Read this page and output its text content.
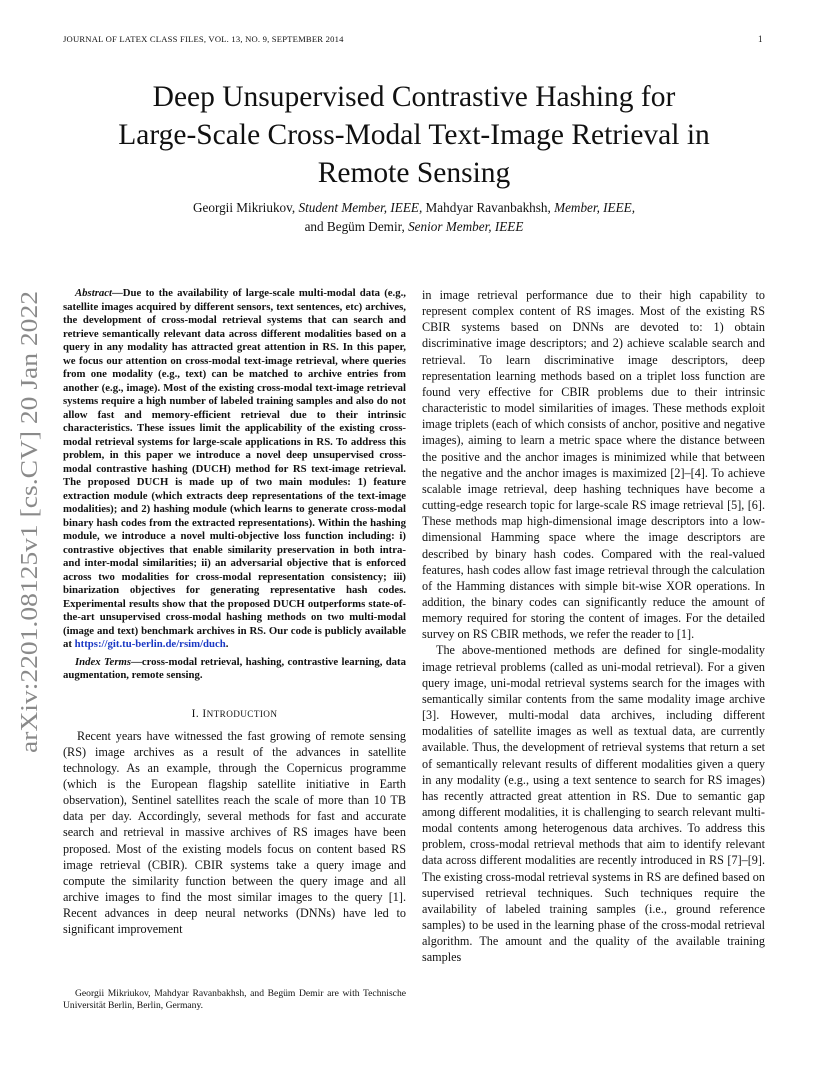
JOURNAL OF LATEX CLASS FILES, VOL. 13, NO. 9, SEPTEMBER 2014	1
Deep Unsupervised Contrastive Hashing for
Large-Scale Cross-Modal Text-Image Retrieval in
Remote Sensing
Georgii Mikriukov, Student Member, IEEE, Mahdyar Ravanbakhsh, Member, IEEE,
and Begüm Demir, Senior Member, IEEE
arXiv:2201.08125v1 [cs.CV] 20 Jan 2022

Abstract—Due to the availability of large-scale multi-modal data (e.g., satellite images acquired by different sensors, text sentences, etc) archives, the development of cross-modal retrieval systems that can search and retrieve semantically relevant data across different modalities based on a query in any modality has attracted great attention in RS. In this paper, we focus our attention on cross-modal text-image retrieval, where queries from one modality (e.g., text) can be matched to archive entries from another (e.g., image). Most of the existing cross-modal text-image retrieval systems require a high number of labeled training samples and also do not allow fast and memory-efficient retrieval due to their intrinsic characteristics. These issues limit the applicability of the existing cross-modal retrieval systems for large-scale applications in RS. To address this problem, in this paper we introduce a novel deep unsupervised cross-modal contrastive hashing (DUCH) method for RS text-image retrieval. The proposed DUCH is made up of two main modules: 1) feature extraction module (which extracts deep representations of the text-image modalities); and 2) hashing module (which learns to generate cross-modal binary hash codes from the extracted representations). Within the hashing module, we introduce a novel multi-objective loss function including: i) contrastive objectives that enable similarity preservation in both intra- and inter-modal similarities; ii) an adversarial objective that is enforced across two modalities for cross-modal representation consistency; iii) binarization objectives for generating representative hash codes. Experimental results show that the proposed DUCH outperforms state-of-the-art unsupervised cross-modal hashing methods on two multi-modal (image and text) benchmark archives in RS. Our code is publicly available at https://git.tu-berlin.de/rsim/duch.

Index Terms—cross-modal retrieval, hashing, contrastive learning, data augmentation, remote sensing.

I. INTRODUCTION

Recent years have witnessed the fast growing of remote sensing (RS) image archives as a result of the advances in satellite technology. As an example, through the Copernicus programme (which is the European flagship satellite initiative in Earth observation), Sentinel satellites reach the scale of more than 10 TB data per day. Accordingly, several methods for fast and accurate search and retrieval in massive archives of RS images have been proposed. Most of the existing models focus on content based RS image retrieval (CBIR). CBIR systems take a query image and compute the similarity function between the query image and all archive images to find the most similar images to the query [1]. Recent advances in deep neural networks (DNNs) have led to significant improvement

in image retrieval performance due to their high capability to represent complex content of RS images. Most of the existing RS CBIR systems based on DNNs are devoted to: 1) obtain discriminative image descriptors; and 2) achieve scalable search and retrieval. To learn discriminative image descriptors, deep representation learning methods based on a triplet loss function are found very effective for CBIR problems due to their intrinsic characteristic to model similarities of images. These methods exploit image triplets (each of which consists of anchor, positive and negative images), aiming to learn a metric space where the distance between the positive and the anchor images is minimized while that between the negative and the anchor images is maximized [2]–[4]. To achieve scalable image retrieval, deep hashing techniques have become a cutting-edge research topic for large-scale RS image retrieval [5], [6]. These methods map high-dimensional image descriptors into a low-dimensional Hamming space where the image descriptors are described by binary hash codes. Compared with the real-valued features, hash codes allow fast image retrieval through the calculation of the Hamming distances with simple bit-wise XOR operations. In addition, the binary codes can significantly reduce the amount of memory required for storing the content of images. For the detailed survey on RS CBIR methods, we refer the reader to [1].

The above-mentioned methods are defined for single-modality image retrieval problems (called as uni-modal retrieval). For a given query image, uni-modal retrieval systems search for the images with semantically similar contents from the same modality image archive [3]. However, multi-modal data archives, including different modalities of satellite images as well as textual data, are currently available. Thus, the development of retrieval systems that return a set of semantically relevant results of different modalities given a query in any modality (e.g., using a text sentence to search for RS images) has recently attracted great attention in RS. Due to semantic gap among different modalities, it is challenging to search relevant multi-modal contents among heterogenous data archives. To address this problem, cross-modal retrieval methods that aim to identify relevant data across different modalities are recently introduced in RS [7]–[9]. The existing cross-modal retrieval systems in RS are defined based on supervised retrieval techniques. Such techniques require the availability of labeled training samples (i.e., ground reference samples) to be used in the learning phase of the cross-modal retrieval algorithm. The amount and the quality of the available training samples

Georgii Mikriukov, Mahdyar Ravanbakhsh, and Begüm Demir are with Technische Universität Berlin, Berlin, Germany.
